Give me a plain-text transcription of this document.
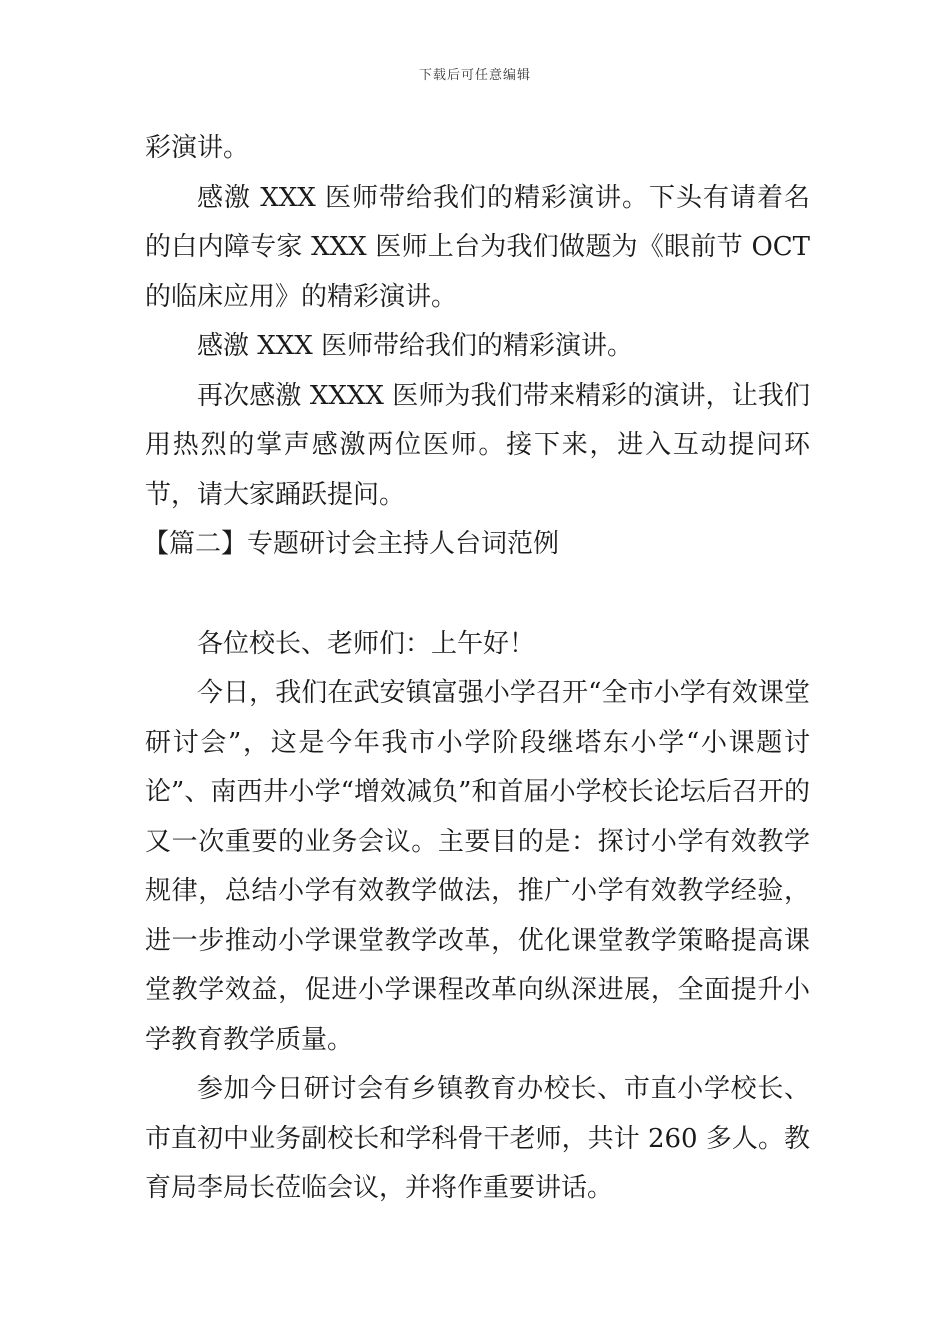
下载后可任意编辑

彩演讲。

感激 XXX 医师带给我们的精彩演讲。下头有请着名的白内障专家 XXX 医师上台为我们做题为《眼前节 OCT 的临床应用》的精彩演讲。

感激 XXX 医师带给我们的精彩演讲。

再次感激 XXXX 医师为我们带来精彩的演讲，让我们用热烈的掌声感激两位医师。接下来，进入互动提问环节，请大家踊跃提问。

【篇二】专题研讨会主持人台词范例

各位校长、老师们：上午好！

今日，我们在武安镇富强小学召开“全市小学有效课堂研讨会”，这是今年我市小学阶段继塔东小学“小课题讨论”、南西井小学“增效减负”和首届小学校长论坛后召开的又一次重要的业务会议。主要目的是：探讨小学有效教学规律，总结小学有效教学做法，推广小学有效教学经验，进一步推动小学课堂教学改革，优化课堂教学策略提高课堂教学效益，促进小学课程改革向纵深进展，全面提升小学教育教学质量。

参加今日研讨会有乡镇教育办校长、市直小学校长、市直初中业务副校长和学科骨干老师，共计 260 多人。教育局李局长莅临会议，并将作重要讲话。
